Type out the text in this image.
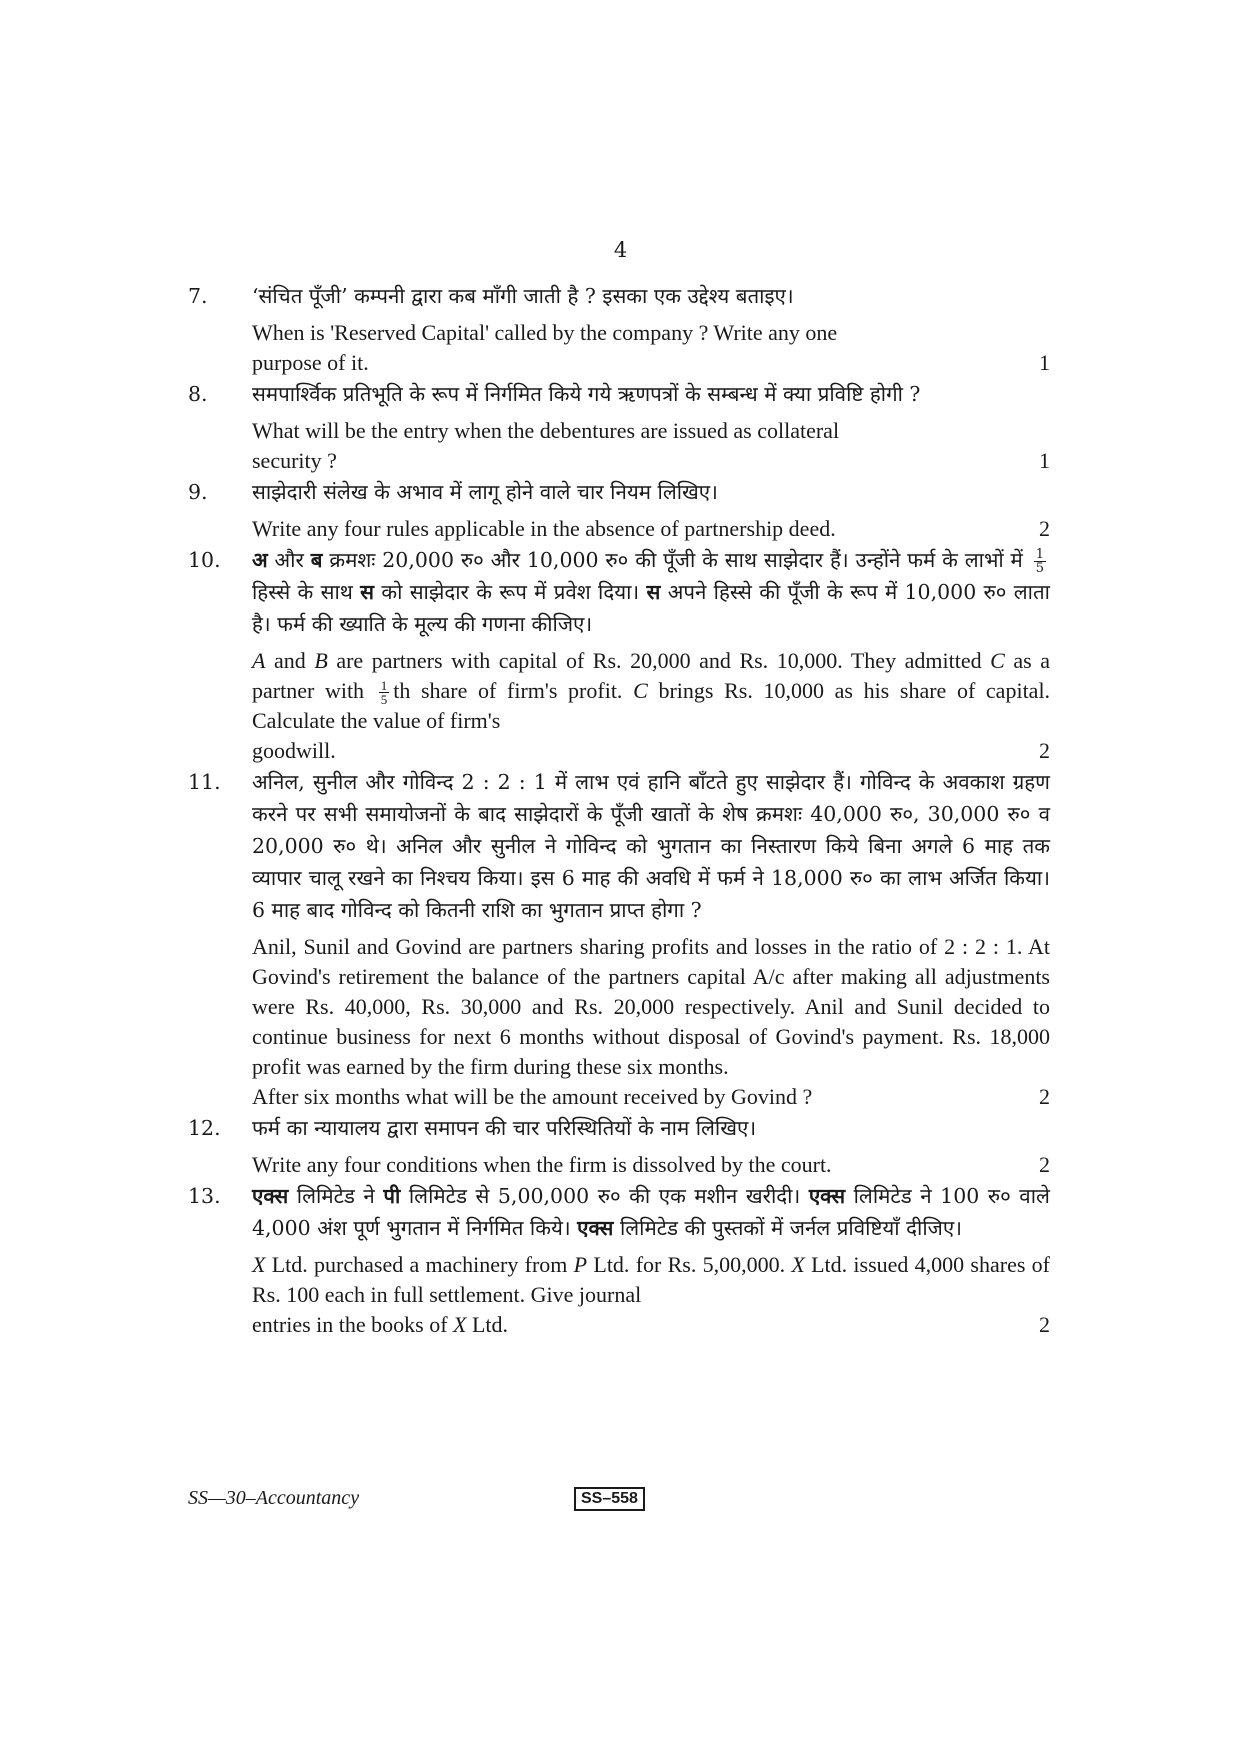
4
7.	‘संचित पूँजी’ कम्पनी द्वारा कब माँगी जाती है ? इसका एक उद्देश्य बताइए।

When is 'Reserved Capital' called by the company ? Write any one

purpose of it.	1
8.	समपार्श्विक प्रतिभूति के रूप में निर्गमित किये गये ऋणपत्रों के सम्बन्ध में क्या प्रविष्टि होगी ?

What will be the entry when the debentures are issued as collateral

security ?	1
9.	साझेदारी संलेख के अभाव में लागू होने वाले चार नियम लिखिए।

Write any four rules applicable in the absence of partnership deed.	2
10.	अ और ब क्रमशः 20,000 रु० और 10,000 रु० की पूँजी के साथ साझेदार हैं। उन्होंने फर्म के लाभों में $\frac{1}{5}$
हिस्से के साथ स को साझेदार के रूप में प्रवेश दिया। स अपने हिस्से की पूँजी के रूप में 10,000 रु० लाता है। फर्म की ख्याति के मूल्य की गणना कीजिए।

A and B are partners with capital of Rs. 20,000 and Rs. 10,000. They admitted C as a partner with $\frac{1}{5}$ th share of firm's profit. C brings Rs. 10,000 as his share of capital. Calculate the value of firm's

goodwill.	2
11.	अनिल, सुनील और गोविन्द 2 : 2 : 1 में लाभ एवं हानि बाँटते हुए साझेदार हैं। गोविन्द के अवकाश ग्रहण करने पर सभी समायोजनों के बाद साझेदारों के पूँजी खातों के शेष क्रमशः 40,000 रु०, 30,000 रु० व 20,000 रु० थे। अनिल और सुनील ने गोविन्द को भुगतान का निस्तारण किये बिना अगले 6 माह तक व्यापार चालू रखने का निश्चय किया। इस 6 माह की अवधि में फर्म ने 18,000 रु० का लाभ अर्जित किया। 6 माह बाद गोविन्द को कितनी राशि का भुगतान प्राप्त होगा ?

Anil, Sunil and Govind are partners sharing profits and losses in the ratio of 2 : 2 : 1. At Govind's retirement the balance of the partners capital A/c after making all adjustments were Rs. 40,000, Rs. 30,000 and Rs. 20,000 respectively. Anil and Sunil decided to continue business for next 6 months without disposal of Govind's payment. Rs. 18,000 profit was earned by the firm during these six months.

After six months what will be the amount received by Govind ?	2
12.	फर्म का न्यायालय द्वारा समापन की चार परिस्थितियों के नाम लिखिए।

Write any four conditions when the firm is dissolved by the court.	2
13.	एक्स लिमिटेड ने पी लिमिटेड से 5,00,000 रु० की एक मशीन खरीदी। एक्स लिमिटेड ने 100 रु० वाले 4,000 अंश पूर्ण भुगतान में निर्गमित किये। एक्स लिमिटेड की पुस्तकों में जर्नल प्रविष्टियाँ दीजिए।

X Ltd. purchased a machinery from P Ltd. for Rs. 5,00,000. X Ltd. issued 4,000 shares of Rs. 100 each in full settlement. Give journal

entries in the books of X Ltd.	2
SS—30–Accountancy	SS–558
